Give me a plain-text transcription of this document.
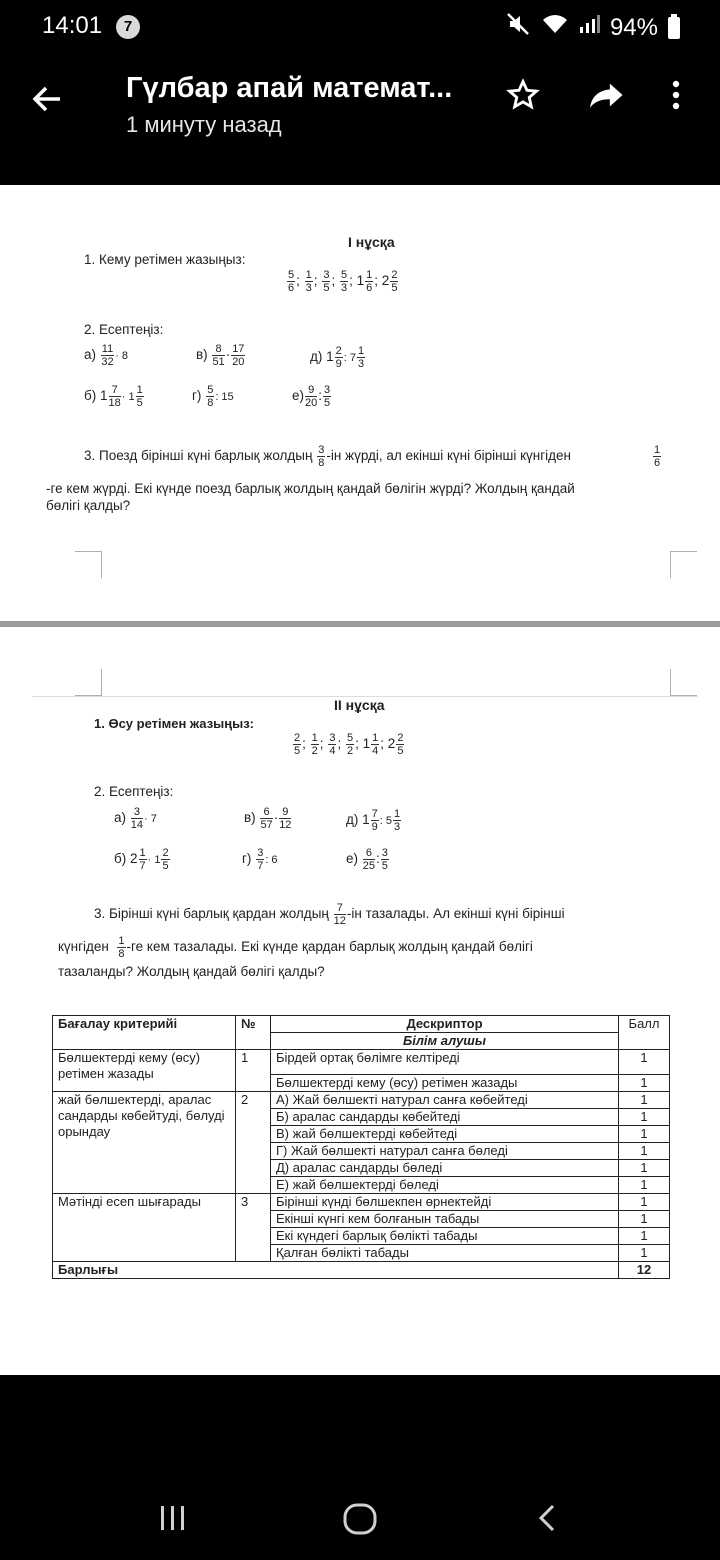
14:01	7	94%
Гүлбар апай математ...
1 минуту назад
І нұсқа
1. Кему ретімен жазыңыз:
$\frac{5}{6}$ ; $\frac{1}{3}$ ; $\frac{3}{5}$ ; $\frac{5}{3}$ ; $1 \frac{1}{6}$ ; $2 \frac{2}{5}$
2. Есептеңіз:
$а) \frac{11}{32} \cdot 8$	$в) \frac{8}{51} \cdot \frac{17}{20}$	д) $1 \frac{2}{9}$ : $7 \frac{1}{3}$
б) $1 \frac{7}{18} \cdot 1 \frac{1}{5}$	$г) \frac{5}{8}$ : 15	$е) \frac{9}{20}$ : $\frac{3}{5}$
3. Поезд бірінші күні барлық жолдың $\frac{3}{8} -ін$ жүрді, ал екінші күні бірінші күнгіден	$\frac{1}{6}$
-ге кем жүрді. Екі күнде поезд барлық жолдың қандай бөлігін жүрді? Жолдың қандай
бөлігі қалды?
ІІ нұсқа
1. Өсу ретімен жазыңыз:
$\frac{2}{5}$ ; $\frac{1}{2}$ ; $\frac{3}{4}$ ; $\frac{5}{2}$ ; $1 \frac{1}{4}$ ; $2 \frac{2}{5}$
2. Есептеңіз:
$а) \frac{3}{14} \cdot 7$	$в) \frac{6}{57} \cdot \frac{9}{12}$	д) $1 \frac{7}{9}$ : $5 \frac{1}{3}$
б) $2 \frac{1}{7} \cdot 1 \frac{2}{5}$	$г) \frac{3}{7}$ : 6	$е) \frac{6}{25}$ : $\frac{3}{5}$
3. Бірінші күні барлық қардан жолдың $\frac{7}{12} -ін$ тазалады. Ал екінші күні бірінші
күнгіден $\frac{1}{8} -ге$ кем тазалады. Екі күнде қардан барлық жолдың қандай бөлігі
тазаланды? Жолдың қандай бөлігі қалды?
Бағалау критерийі	№	Дескриптор	Балл
		Білім алушы	
Бөлшектерді кему (өсу) ретімен жазады	1	Бірдей ортақ бөлімге келтіреді	1
		Бөлшектерді кему (өсу) ретімен жазады	1
жай бөлшектерді, аралас сандарды көбейтуді, бөлуді орындау	2	А) Жай бөлшекті натурал санға көбейтеді	1
		Б) аралас сандарды көбейтеді	1
		В) жай бөлшектерді көбейтеді	1
		Г) Жай бөлшекті натурал санға бөледі	1
		Д) аралас сандарды бөледі	1
		Е) жай бөлшектерді бөледі	1
Мәтінді есеп шығарады	3	Бірінші күнді бөлшекпен өрнектейді	1
		Екінші күнгі кем болғанын табады	1
		Екі күндегі барлық бөлікті табады	1
		Қалған бөлікті табады	1
Барлығы			12
